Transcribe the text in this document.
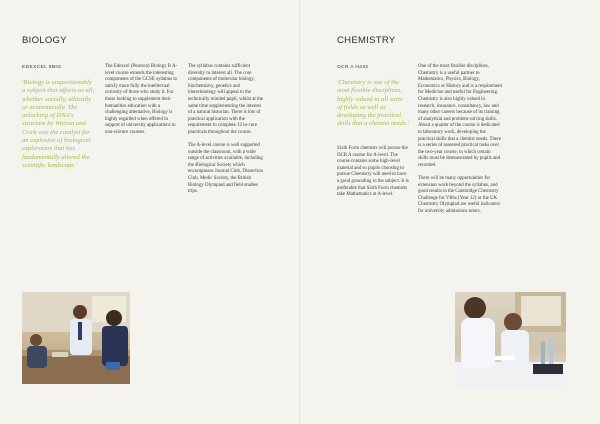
BIOLOGY
EDEXCEL 9BIO

'Biology is unquestionably a subject that affects us all; whether socially, ethically or economically. The unlocking of DNA's structure by Watson and Crick was the catalyst for an explosion of biological exploration that has fundamentally altered the scientific landscape.'

The Edexcel (Pearson) Biology B A-level course extends the interesting components of the GCSE syllabus to satisfy more fully the intellectual curiosity of those who study it. For those looking to supplement their humanities education with a challenging alternative, Biology is highly regarded when offered in support of university applications to non-science courses.

The syllabus contains sufficient diversity to interest all. The core components of molecular biology, biochemistry, genetics and biotechnology will appeal to the technically minded pupil, whilst at the same time supplementing the interest of a natural historian. There is lots of practical application with the requirement to complete 12 in-core practicals throughout the course.

The A-level course is well supported outside the classroom, with a wide range of activities available, including the Biological Society which encompasses Journal Club, Dissection Club, Medic Society, the British Biology Olympiad and field studies trips.

CHEMISTRY
OCR A H432

'Chemistry is one of the most flexible disciplines, highly valued in all sorts of fields as well as developing the practical skills that a chemist needs.'

Sixth Form chemists will pursue the OCR A course for A-level. The course contains some high-level material and so pupils choosing to pursue Chemistry will need to have a good grounding in the subject. It is preferable that Sixth Form chemists take Mathematics at A-level.

One of the most flexible disciplines, Chemistry is a useful partner to Mathematics, Physics, Biology, Economics or History and is a requirement for Medicine and useful for Engineering. Chemistry is also highly valued in research, insurance, consultancy, law and many other careers because of its training of analytical and problem-solving skills. About a quarter of the course is dedicated to laboratory work, developing the practical skills that a chemist needs. There is a series of assessed practical tasks over the two-year course, in which certain skills must be demonstrated by pupils and recorded.

There will be many opportunities for extension work beyond the syllabus, and good results in the Cambridge Chemistry Challenge for VIths (Year 12) or the UK Chemistry Olympiad are useful indicators for university admissions tutors.
